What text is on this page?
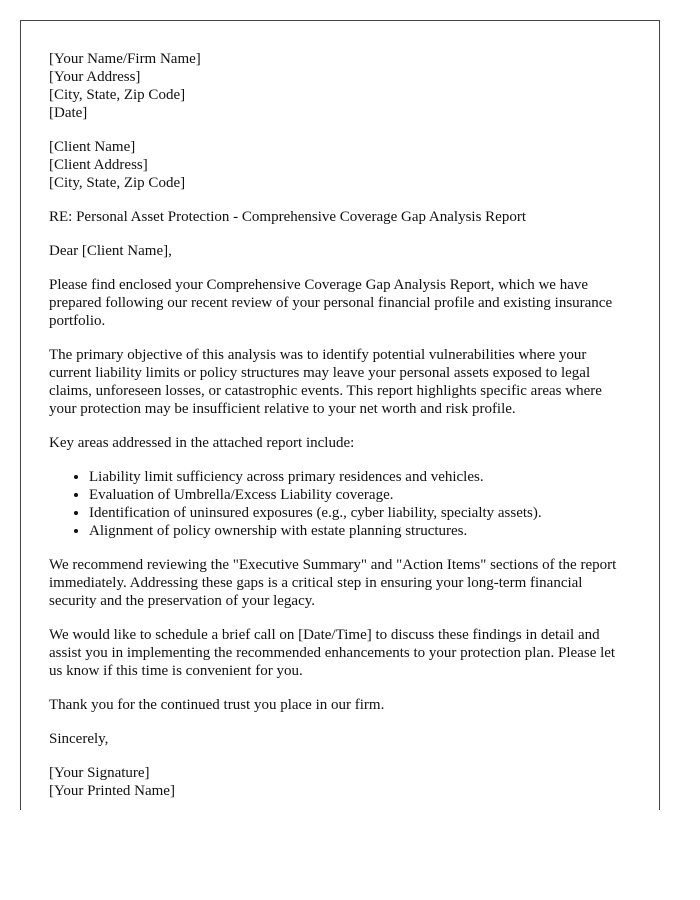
[Your Name/Firm Name]
[Your Address]
[City, State, Zip Code]
[Date]
[Client Name]
[Client Address]
[City, State, Zip Code]

RE: Personal Asset Protection - Comprehensive Coverage Gap Analysis Report

Dear [Client Name],

Please find enclosed your Comprehensive Coverage Gap Analysis Report, which we have prepared following our recent review of your personal financial profile and existing insurance portfolio.

The primary objective of this analysis was to identify potential vulnerabilities where your current liability limits or policy structures may leave your personal assets exposed to legal claims, unforeseen losses, or catastrophic events. This report highlights specific areas where your protection may be insufficient relative to your net worth and risk profile.

Key areas addressed in the attached report include:

• Liability limit sufficiency across primary residences and vehicles.
• Evaluation of Umbrella/Excess Liability coverage.
• Identification of uninsured exposures (e.g., cyber liability, specialty assets).
• Alignment of policy ownership with estate planning structures.

We recommend reviewing the "Executive Summary" and "Action Items" sections of the report immediately. Addressing these gaps is a critical step in ensuring your long-term financial security and the preservation of your legacy.

We would like to schedule a brief call on [Date/Time] to discuss these findings in detail and assist you in implementing the recommended enhancements to your protection plan. Please let us know if this time is convenient for you.

Thank you for the continued trust you place in our firm.

Sincerely,

[Your Signature]
[Your Printed Name]
